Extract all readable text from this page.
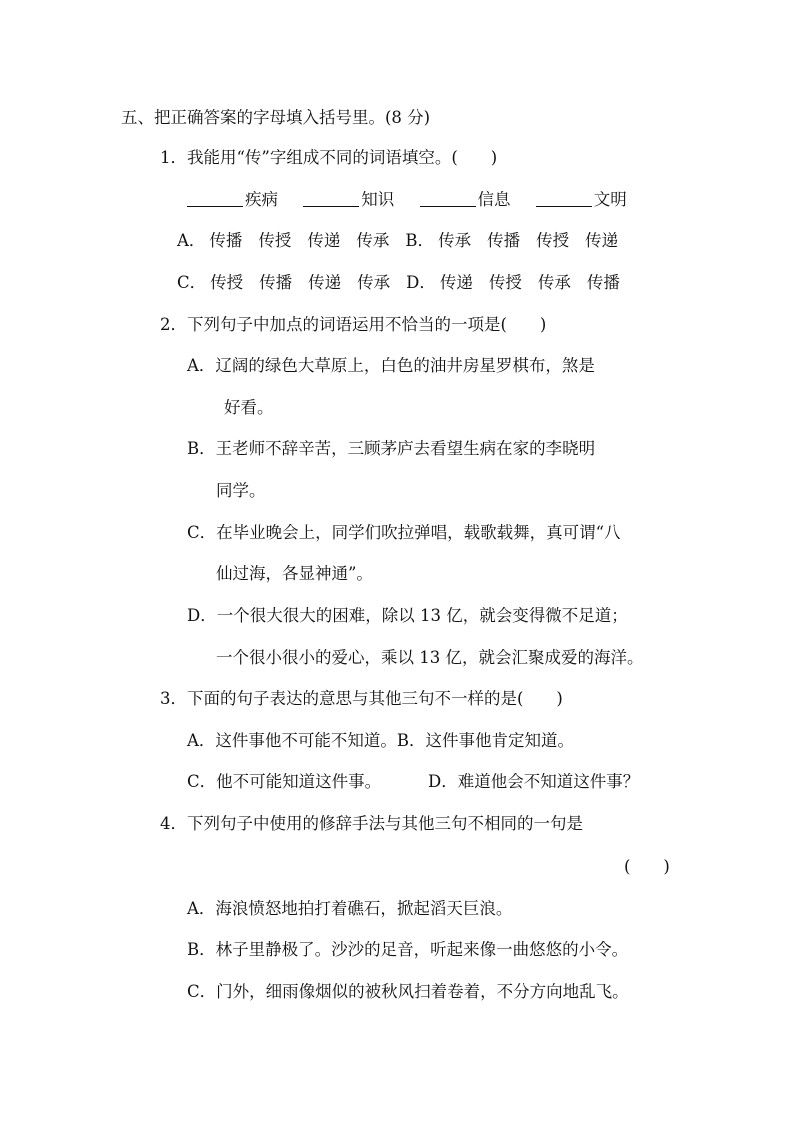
五、把正确答案的字母填入括号里。(8 分)
1．我能用“传”字组成不同的词语填空。(　　)
疾病	知识	信息	文明
A． 传播 传授 传递 传承 B． 传承 传播 传授 传递
C． 传授 传播 传递 传承 D． 传递 传授 传承 传播
2．下列句子中加点的词语运用不恰当的一项是(　　)
A．辽阔的绿色大草原上，白色的油井房星罗棋布，煞是
好看。
B．王老师不辞辛苦，三顾茅庐去看望生病在家的李晓明
同学。
C．在毕业晚会上，同学们吹拉弹唱，载歌载舞，真可谓“八
仙过海，各显神通”。
D．一个很大很大的困难，除以 13 亿，就会变得微不足道；
一个很小很小的爱心，乘以 13 亿，就会汇聚成爱的海洋。
3．下面的句子表达的意思与其他三句不一样的是(　　)
A．这件事他不可能不知道。B．这件事他肯定知道。
C．他不可能知道这件事。	D．难道他会不知道这件事？
4．下列句子中使用的修辞手法与其他三句不相同的一句是
(　　)
A．海浪愤怒地拍打着礁石，掀起滔天巨浪。
B．林子里静极了。沙沙的足音，听起来像一曲悠悠的小令。
C．门外，细雨像烟似的被秋风扫着卷着，不分方向地乱飞。
